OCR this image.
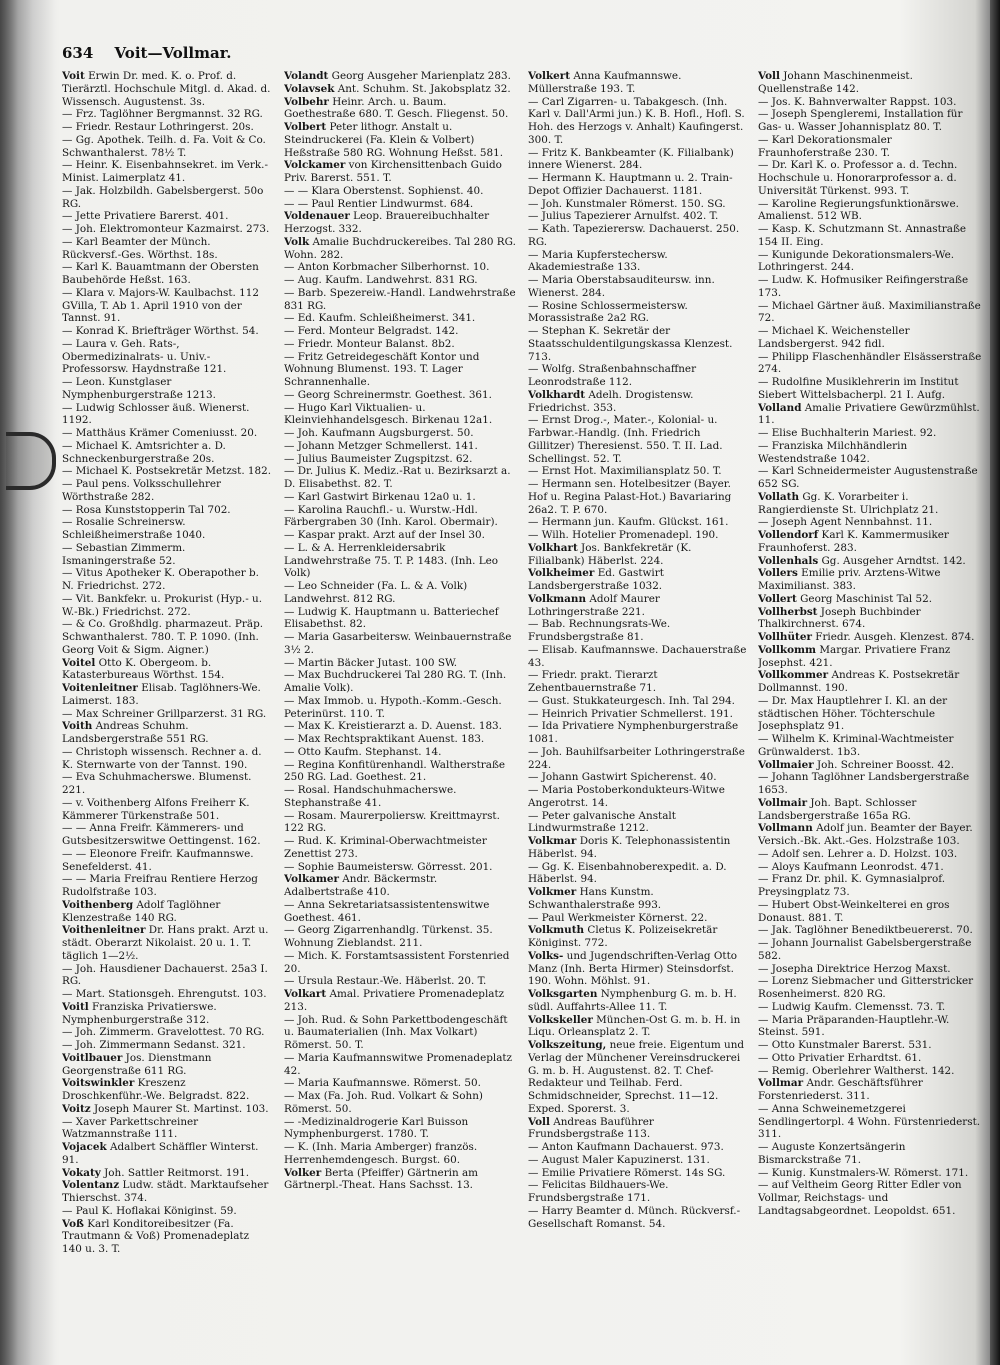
634 Voit—Vollmar.

Voit Erwin Dr. med. K. o. Prof. d. Tierärztl. Hochschule Mitgl. d. Akad. d. Wissensch. Augustenst. 3s.

— Frz. Taglöhner Bergmannst. 32 RG.

— Friedr. Restaur Lothringerst. 20s.

— Gg. Apothek. Teilh. d. Fa. Voit & Co. Schwanthalerst. 78½ T.

— Heinr. K. Eisenbahnsekret. im Verk.-Minist. Laimerplatz 41.

— Jak. Holzbildh. Gabelsbergerst. 50o RG.

— Jette Privatiere Barerst. 401.

— Joh. Elektromonteur Kazmairst. 273.

— Karl Beamter der Münch. Rückversf.-Ges. Wörthst. 18s.

— Karl K. Bauamtmann der Obersten Baubehörde Heßst. 163.

— Klara v. Majors-W. Kaulbachst. 112 GVilla, T. Ab 1. April 1910 von der Tannst. 91.

— Konrad K. Briefträger Wörthst. 54.

— Laura v. Geh. Rats-, Obermedizinalrats- u. Univ.-Professorsw. Haydnstraße 121.

— Leon. Kunstglaser Nymphenburgerstraße 1213.

— Ludwig Schlosser äuß. Wienerst. 1192.

— Matthäus Krämer Comeniusst. 20.

— Michael K. Amtsrichter a. D. Schneckenburgerstraße 20s.

— Michael K. Postsekretär Metzst. 182.

— Paul pens. Volksschullehrer Wörthstraße 282.

— Rosa Kunststopperin Tal 702.

— Rosalie Schreinersw. Schleißheimerstraße 1040.

— Sebastian Zimmerm. Ismaningerstraße 52.

— Vitus Apotheker K. Oberapother b. N. Friedrichst. 272.

— Vit. Bankfekr. u. Prokurist (Hyp.- u. W.-Bk.) Friedrichst. 272.

— & Co. Großhdlg. pharmazeut. Präp. Schwanthalerst. 780. T. P. 1090. (Inh. Georg Voit & Sigm. Aigner.)

Voitel Otto K. Obergeom. b. Katasterbureaus Wörthst. 154.

Voitenleitner Elisab. Taglöhners-We. Laimerst. 183.

— Max Schreiner Grillparzerst. 31 RG.

Voith Andreas Schuhm. Landsbergerstraße 551 RG.

— Christoph wissensch. Rechner a. d. K. Sternwarte von der Tannst. 190.

— Eva Schuhmacherswe. Blumenst. 221.

— v. Voithenberg Alfons Freiherr K. Kämmerer Türkenstraße 501.

— — Anna Freifr. Kämmerers- und Gutsbesitzerswitwe Oettingenst. 162.

— — Eleonore Freifr. Kaufmannswe. Senefelderst. 41.

— — Maria Freifrau Rentiere Herzog Rudolfstraße 103.

Voithenberg Adolf Taglöhner Klenzestraße 140 RG.

Voithenleitner Dr. Hans prakt. Arzt u. städt. Oberarzt Nikolaist. 20 u. 1. T. täglich 1—2½.

— Joh. Hausdiener Dachauerst. 25a3 I. RG.

— Mart. Stationsgeh. Ehrengutst. 103.

Voitl Franziska Privatierswe. Nymphenburgerstraße 312.

— Joh. Zimmerm. Gravelottest. 70 RG.

— Joh. Zimmermann Sedanst. 321.

Voitlbauer Jos. Dienstmann Georgenstraße 611 RG.

Voitswinkler Kreszenz Droschkenführ.-We. Belgradst. 822.

Voitz Joseph Maurer St. Martinst. 103.

— Xaver Parkettschreiner Watzmannstraße 111.

Vojacek Adalbert Schäffler Winterst. 91.

Vokaty Joh. Sattler Reitmorst. 191.

Volentanz Ludw. städt. Marktaufseher Thierschst. 374.

— Paul K. Hoflakai Königinst. 59.

Voß Karl Konditoreibesitzer (Fa. Trautmann & Voß) Promenadeplatz 140 u. 3. T.

Volandt Georg Ausgeher Marienplatz 283.

Volavsek Ant. Schuhm. St. Jakobsplatz 32.

Volbehr Heinr. Arch. u. Baum. Goethestraße 680. T. Gesch. Fliegenst. 50.

Volbert Peter lithogr. Anstalt u. Steindruckerei (Fa. Klein & Volbert) Heßstraße 580 RG. Wohnung Heßst. 581.

Volckamer von Kirchensittenbach Guido Priv. Barerst. 551. T.

— — Klara Oberstenst. Sophienst. 40.

— — Paul Rentier Lindwurmst. 684.

Voldenauer Leop. Brauereibuchhalter Herzogst. 332.

Volk Amalie Buchdruckereibes. Tal 280 RG. Wohn. 282.

— Anton Korbmacher Silberhornst. 10.

— Aug. Kaufm. Landwehrst. 831 RG.

— Barb. Spezereiw.-Handl. Landwehrstraße 831 RG.

— Ed. Kaufm. Schleißheimerst. 341.

— Ferd. Monteur Belgradst. 142.

— Friedr. Monteur Balanst. 8b2.

— Fritz Getreidegeschäft Kontor und Wohnung Blumenst. 193. T. Lager Schrannenhalle.

— Georg Schreinermstr. Goethest. 361.

— Hugo Karl Viktualien- u. Kleinviehhandelsgesch. Birkenau 12a1.

— Joh. Kaufmann Augsburgerst. 50.

— Johann Metzger Schmellerst. 141.

— Julius Baumeister Zugspitzst. 62.

— Dr. Julius K. Mediz.-Rat u. Bezirksarzt a. D. Elisabethst. 82. T.

— Karl Gastwirt Birkenau 12a0 u. 1.

— Karolina Rauchfl.- u. Wurstw.-Hdl. Färbergraben 30 (Inh. Karol. Obermair).

— Kaspar prakt. Arzt auf der Insel 30.

— L. & A. Herrenkleidersabrik Landwehrstraße 75. T. P. 1483. (Inh. Leo Volk)

— Leo Schneider (Fa. L. & A. Volk) Landwehrst. 812 RG.

— Ludwig K. Hauptmann u. Batteriechef Elisabethst. 82.

— Maria Gasarbeitersw. Weinbauernstraße 3½ 2.

— Martin Bäcker Jutast. 100 SW.

— Max Buchdruckerei Tal 280 RG. T. (Inh. Amalie Volk).

— Max Immob. u. Hypoth.-Komm.-Gesch. Peterinürst. 110. T.

— Max K. Kreistierarzt a. D. Auenst. 183.

— Max Rechtspraktikant Auenst. 183.

— Otto Kaufm. Stephanst. 14.

— Regina Konfitürenhandl. Waltherstraße 250 RG. Lad. Goethest. 21.

— Rosal. Handschuhmacherswe. Stephanstraße 41.

— Rosam. Maurerpoliersw. Kreittmayrst. 122 RG.

— Rud. K. Kriminal-Oberwachtmeister Zenettist 273.

— Sophie Baumeistersw. Görresst. 201.

Volkamer Andr. Bäckermstr. Adalbertstraße 410.

— Anna Sekretariatsassistentenswitwe Goethest. 461.

— Georg Zigarrenhandlg. Türkenst. 35. Wohnung Zieblandst. 211.

— Mich. K. Forstamtsassistent Forstenried 20.

— Ursula Restaur.-We. Häberlst. 20. T.

Volkart Amal. Privatiere Promenadeplatz 213.

— Joh. Rud. & Sohn Parkettbodengeschäft u. Baumaterialien (Inh. Max Volkart) Römerst. 50. T.

— Maria Kaufmannswitwe Promenadeplatz 42.

— Maria Kaufmannswe. Römerst. 50.

— Max (Fa. Joh. Rud. Volkart & Sohn) Römerst. 50.

— -Medizinaldrogerie Karl Buisson Nymphenburgerst. 1780. T.

— K. (Inh. Maria Amberger) französ. Herrenhemdengesch. Burgst. 60.

Volker Berta (Pfeiffer) Gärtnerin am Gärtnerpl.-Theat. Hans Sachsst. 13.

Volkert Anna Kaufmannswe. Müllerstraße 193. T.

— Carl Zigarren- u. Tabakgesch. (Inh. Karl v. Dall'Armi jun.) K. B. Hofl., Hofl. S. Hoh. des Herzogs v. Anhalt) Kaufingerst. 300. T.

— Fritz K. Bankbeamter (K. Filialbank) innere Wienerst. 284.

— Hermann K. Hauptmann u. 2. Train-Depot Offizier Dachauerst. 1181.

— Joh. Kunstmaler Römerst. 150. SG.

— Julius Tapezierer Arnulfst. 402. T.

— Kath. Tapezierersw. Dachauerst. 250. RG.

— Maria Kupferstechersw. Akademiestraße 133.

— Maria Oberstabsauditeursw. inn. Wienerst. 284.

— Rosine Schlossermeistersw. Morassistraße 2a2 RG.

— Stephan K. Sekretär der Staatsschuldentilgungskassa Klenzest. 713.

— Wolfg. Straßenbahnschaffner Leonrodstraße 112.

Volkhardt Adelh. Drogistensw. Friedrichst. 353.

— Ernst Drog.-, Mater.-, Kolonial- u. Farbwar.-Handlg. (Inh. Friedrich Gillitzer) Theresienst. 550. T. II. Lad. Schellingst. 52. T.

— Ernst Hot. Maximiliansplatz 50. T.

— Hermann sen. Hotelbesitzer (Bayer. Hof u. Regina Palast-Hot.) Bavariaring 26a2. T. P. 670.

— Hermann jun. Kaufm. Glückst. 161.

— Wilh. Hotelier Promenadepl. 190.

Volkhart Jos. Bankfekretär (K. Filialbank) Häberlst. 224.

Volkheimer Ed. Gastwirt Landsbergerstraße 1032.

Volkmann Adolf Maurer Lothringerstraße 221.

— Bab. Rechnungsrats-We. Frundsbergstraße 81.

— Elisab. Kaufmannswe. Dachauerstraße 43.

— Friedr. prakt. Tierarzt Zehentbauernstraße 71.

— Gust. Stukkateurgesch. Inh. Tal 294.

— Heinrich Privatier Schmellerst. 191.

— Ida Privatiere Nymphenburgerstraße 1081.

— Joh. Bauhilfsarbeiter Lothringerstraße 224.

— Johann Gastwirt Spicherenst. 40.

— Maria Postoberkondukteurs-Witwe Angerotrst. 14.

— Peter galvanische Anstalt Lindwurmstraße 1212.

Volkmar Doris K. Telephonassistentin Häberlst. 94.

— Gg. K. Eisenbahnoberexpedit. a. D. Häberlst. 94.

Volkmer Hans Kunstm. Schwanthalerstraße 993.

— Paul Werkmeister Körnerst. 22.

Volkmuth Cletus K. Polizeisekretär Königinst. 772.

Volks- und Jugendschriften-Verlag Otto Manz (Inh. Berta Hirmer) Steinsdorfst. 190. Wohn. Möhlst. 91.

Volksgarten Nymphenburg G. m. b. H. südl. Auffahrts-Allee 11. T.

Volkskeller München-Ost G. m. b. H. in Liqu. Orleansplatz 2. T.

Volkszeitung, neue freie. Eigentum und Verlag der Münchener Vereinsdruckerei G. m. b. H. Augustenst. 82. T. Chef-Redakteur und Teilhab. Ferd. Schmidschneider, Sprechst. 11—12. Exped. Sporerst. 3.

Voll Andreas Bauführer Frundsbergstraße 113.

— Anton Kaufmann Dachauerst. 973.

— August Maler Kapuzinerst. 131.

— Emilie Privatiere Römerst. 14s SG.

— Felicitas Bildhauers-We. Frundsbergstraße 171.

— Harry Beamter d. Münch. Rückversf.-Gesellschaft Romanst. 54.

Voll Johann Maschinenmeist. Quellenstraße 142.

— Jos. K. Bahnverwalter Rappst. 103.

— Joseph Spengleremi, Installation für Gas- u. Wasser Johannisplatz 80. T.

— Karl Dekorationsmaler Fraunhoferstraße 230. T.

— Dr. Karl K. o. Professor a. d. Techn. Hochschule u. Honorarprofessor a. d. Universität Türkenst. 993. T.

— Karoline Regierungsfunktionärswe. Amalienst. 512 WB.

— Kasp. K. Schutzmann St. Annastraße 154 II. Eing.

— Kunigunde Dekorationsmalers-We. Lothringerst. 244.

— Ludw. K. Hofmusiker Reifingerstraße 173.

— Michael Gärtner äuß. Maximilianstraße 72.

— Michael K. Weichensteller Landsbergerst. 942 fidl.

— Philipp Flaschenhändler Elsässerstraße 274.

— Rudolfine Musiklehrerin im Institut Siebert Wittelsbacherpl. 21 I. Aufg.

Volland Amalie Privatiere Gewürzmühlst. 11.

— Elise Buchhalterin Mariest. 92.

— Franziska Milchhändlerin Westendstraße 1042.

— Karl Schneidermeister Augustenstraße 652 SG.

Vollath Gg. K. Vorarbeiter i. Rangierdienste St. Ulrichplatz 21.

— Joseph Agent Nennbahnst. 11.

Vollendorf Karl K. Kammermusiker Fraunhoferst. 283.

Vollenhals Gg. Ausgeher Arndtst. 142.

Vollers Emilie priv. Arztens-Witwe Maximilianst. 383.

Vollert Georg Maschinist Tal 52.

Vollherbst Joseph Buchbinder Thalkirchnerst. 674.

Vollhüter Friedr. Ausgeh. Klenzest. 874.

Vollkomm Margar. Privatiere Franz Josephst. 421.

Vollkommer Andreas K. Postsekretär Dollmannst. 190.

— Dr. Max Hauptlehrer I. Kl. an der städtischen Höher. Töchterschule Josephsplatz 91.

— Wilhelm K. Kriminal-Wachtmeister Grünwalderst. 1b3.

Vollmaier Joh. Schreiner Boosst. 42.

— Johann Taglöhner Landsbergerstraße 1653.

Vollmair Joh. Bapt. Schlosser Landsbergerstraße 165a RG.

Vollmann Adolf jun. Beamter der Bayer. Versich.-Bk. Akt.-Ges. Holzstraße 103.

— Adolf sen. Lehrer a. D. Holzst. 103.

— Aloys Kaufmann Leonrodst. 471.

— Franz Dr. phil. K. Gymnasialprof. Preysingplatz 73.

— Hubert Obst-Weinkelterei en gros Donaust. 881. T.

— Jak. Taglöhner Benediktbeuererst. 70.

— Johann Journalist Gabelsbergerstraße 582.

— Josepha Direktrice Herzog Maxst.

— Lorenz Siebmacher und Gitterstricker Rosenheimerst. 820 RG.

— Ludwig Kaufm. Clemensst. 73. T.

— Maria Präparanden-Hauptlehr.-W. Steinst. 591.

— Otto Kunstmaler Barerst. 531.

— Otto Privatier Erhardtst. 61.

— Remig. Oberlehrer Waltherst. 142.

Vollmar Andr. Geschäftsführer Forstenriederst. 311.

— Anna Schweinemetzgerei Sendlingertorpl. 4 Wohn. Fürstenriederst. 311.

— Auguste Konzertsängerin Bismarckstraße 71.

— Kunig. Kunstmalers-W. Römerst. 171.

— auf Veltheim Georg Ritter Edler von Vollmar, Reichstags- und Landtagsabgeordnet. Leopoldst. 651.
